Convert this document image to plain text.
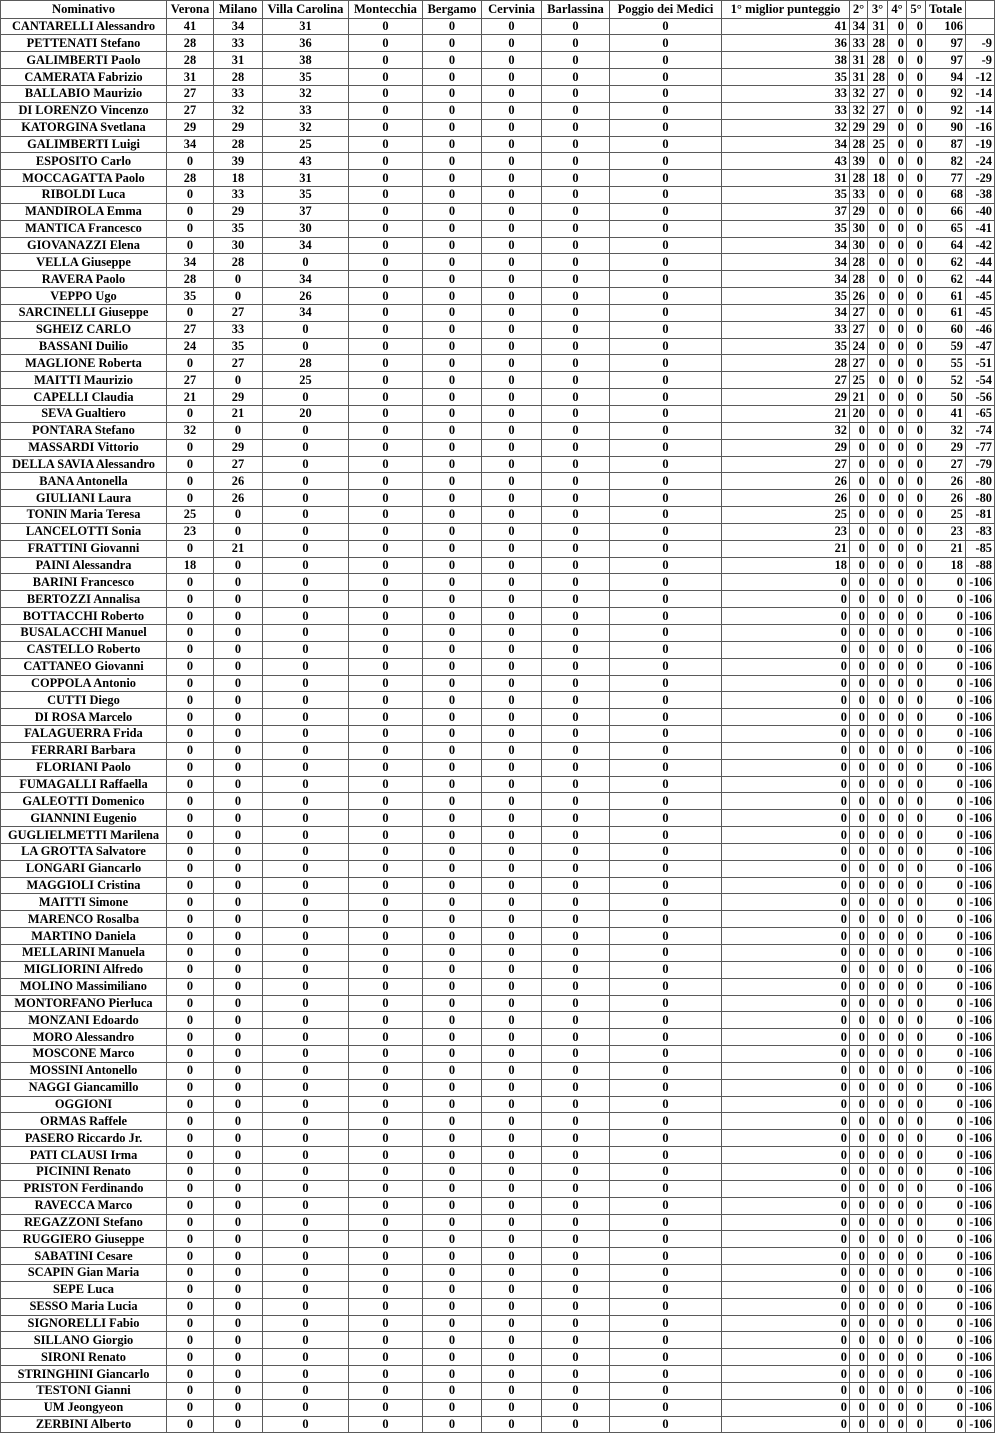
Nominativo	Verona	Milano	Villa Carolina	Montecchia	Bergamo	Cervinia	Barlassina	Poggio dei Medici	1° miglior punteggio	2°	3°	4°	5°	Totale	
CANTARELLI Alessandro	41	34	31	0	0	0	0	0	41	34	31	0	0	106	
PETTENATI Stefano	28	33	36	0	0	0	0	0	36	33	28	0	0	97	-9
GALIMBERTI Paolo	28	31	38	0	0	0	0	0	38	31	28	0	0	97	-9
CAMERATA Fabrizio	31	28	35	0	0	0	0	0	35	31	28	0	0	94	-12
BALLABIO Maurizio	27	33	32	0	0	0	0	0	33	32	27	0	0	92	-14
DI LORENZO Vincenzo	27	32	33	0	0	0	0	0	33	32	27	0	0	92	-14
KATORGINA Svetlana	29	29	32	0	0	0	0	0	32	29	29	0	0	90	-16
GALIMBERTI Luigi	34	28	25	0	0	0	0	0	34	28	25	0	0	87	-19
ESPOSITO Carlo	0	39	43	0	0	0	0	0	43	39	0	0	0	82	-24
MOCCAGATTA Paolo	28	18	31	0	0	0	0	0	31	28	18	0	0	77	-29
RIBOLDI Luca	0	33	35	0	0	0	0	0	35	33	0	0	0	68	-38
MANDIROLA Emma	0	29	37	0	0	0	0	0	37	29	0	0	0	66	-40
MANTICA Francesco	0	35	30	0	0	0	0	0	35	30	0	0	0	65	-41
GIOVANAZZI Elena	0	30	34	0	0	0	0	0	34	30	0	0	0	64	-42
VELLA Giuseppe	34	28	0	0	0	0	0	0	34	28	0	0	0	62	-44
RAVERA Paolo	28	0	34	0	0	0	0	0	34	28	0	0	0	62	-44
VEPPO Ugo	35	0	26	0	0	0	0	0	35	26	0	0	0	61	-45
SARCINELLI Giuseppe	0	27	34	0	0	0	0	0	34	27	0	0	0	61	-45
SGHEIZ CARLO	27	33	0	0	0	0	0	0	33	27	0	0	0	60	-46
BASSANI Duilio	24	35	0	0	0	0	0	0	35	24	0	0	0	59	-47
MAGLIONE Roberta	0	27	28	0	0	0	0	0	28	27	0	0	0	55	-51
MAITTI Maurizio	27	0	25	0	0	0	0	0	27	25	0	0	0	52	-54
CAPELLI Claudia	21	29	0	0	0	0	0	0	29	21	0	0	0	50	-56
SEVA Gualtiero	0	21	20	0	0	0	0	0	21	20	0	0	0	41	-65
PONTARA Stefano	32	0	0	0	0	0	0	0	32	0	0	0	0	32	-74
MASSARDI Vittorio	0	29	0	0	0	0	0	0	29	0	0	0	0	29	-77
DELLA SAVIA Alessandro	0	27	0	0	0	0	0	0	27	0	0	0	0	27	-79
BANA Antonella	0	26	0	0	0	0	0	0	26	0	0	0	0	26	-80
GIULIANI Laura	0	26	0	0	0	0	0	0	26	0	0	0	0	26	-80
TONIN Maria Teresa	25	0	0	0	0	0	0	0	25	0	0	0	0	25	-81
LANCELOTTI Sonia	23	0	0	0	0	0	0	0	23	0	0	0	0	23	-83
FRATTINI Giovanni	0	21	0	0	0	0	0	0	21	0	0	0	0	21	-85
PAINI Alessandra	18	0	0	0	0	0	0	0	18	0	0	0	0	18	-88
BARINI Francesco	0	0	0	0	0	0	0	0	0	0	0	0	0	0	-106
BERTOZZI Annalisa	0	0	0	0	0	0	0	0	0	0	0	0	0	0	-106
BOTTACCHI Roberto	0	0	0	0	0	0	0	0	0	0	0	0	0	0	-106
BUSALACCHI Manuel	0	0	0	0	0	0	0	0	0	0	0	0	0	0	-106
CASTELLO Roberto	0	0	0	0	0	0	0	0	0	0	0	0	0	0	-106
CATTANEO Giovanni	0	0	0	0	0	0	0	0	0	0	0	0	0	0	-106
COPPOLA Antonio	0	0	0	0	0	0	0	0	0	0	0	0	0	0	-106
CUTTI Diego	0	0	0	0	0	0	0	0	0	0	0	0	0	0	-106
DI ROSA Marcelo	0	0	0	0	0	0	0	0	0	0	0	0	0	0	-106
FALAGUERRA Frida	0	0	0	0	0	0	0	0	0	0	0	0	0	0	-106
FERRARI Barbara	0	0	0	0	0	0	0	0	0	0	0	0	0	0	-106
FLORIANI Paolo	0	0	0	0	0	0	0	0	0	0	0	0	0	0	-106
FUMAGALLI Raffaella	0	0	0	0	0	0	0	0	0	0	0	0	0	0	-106
GALEOTTI Domenico	0	0	0	0	0	0	0	0	0	0	0	0	0	0	-106
GIANNINI Eugenio	0	0	0	0	0	0	0	0	0	0	0	0	0	0	-106
GUGLIELMETTI Marilena	0	0	0	0	0	0	0	0	0	0	0	0	0	0	-106
LA GROTTA Salvatore	0	0	0	0	0	0	0	0	0	0	0	0	0	0	-106
LONGARI Giancarlo	0	0	0	0	0	0	0	0	0	0	0	0	0	0	-106
MAGGIOLI Cristina	0	0	0	0	0	0	0	0	0	0	0	0	0	0	-106
MAITTI Simone	0	0	0	0	0	0	0	0	0	0	0	0	0	0	-106
MARENCO Rosalba	0	0	0	0	0	0	0	0	0	0	0	0	0	0	-106
MARTINO Daniela	0	0	0	0	0	0	0	0	0	0	0	0	0	0	-106
MELLARINI Manuela	0	0	0	0	0	0	0	0	0	0	0	0	0	0	-106
MIGLIORINI Alfredo	0	0	0	0	0	0	0	0	0	0	0	0	0	0	-106
MOLINO Massimiliano	0	0	0	0	0	0	0	0	0	0	0	0	0	0	-106
MONTORFANO Pierluca	0	0	0	0	0	0	0	0	0	0	0	0	0	0	-106
MONZANI Edoardo	0	0	0	0	0	0	0	0	0	0	0	0	0	0	-106
MORO Alessandro	0	0	0	0	0	0	0	0	0	0	0	0	0	0	-106
MOSCONE Marco	0	0	0	0	0	0	0	0	0	0	0	0	0	0	-106
MOSSINI Antonello	0	0	0	0	0	0	0	0	0	0	0	0	0	0	-106
NAGGI Giancamillo	0	0	0	0	0	0	0	0	0	0	0	0	0	0	-106
OGGIONI	0	0	0	0	0	0	0	0	0	0	0	0	0	0	-106
ORMAS Raffele	0	0	0	0	0	0	0	0	0	0	0	0	0	0	-106
PASERO Riccardo Jr.	0	0	0	0	0	0	0	0	0	0	0	0	0	0	-106
PATI CLAUSI Irma	0	0	0	0	0	0	0	0	0	0	0	0	0	0	-106
PICININI Renato	0	0	0	0	0	0	0	0	0	0	0	0	0	0	-106
PRISTON Ferdinando	0	0	0	0	0	0	0	0	0	0	0	0	0	0	-106
RAVECCA Marco	0	0	0	0	0	0	0	0	0	0	0	0	0	0	-106
REGAZZONI Stefano	0	0	0	0	0	0	0	0	0	0	0	0	0	0	-106
RUGGIERO Giuseppe	0	0	0	0	0	0	0	0	0	0	0	0	0	0	-106
SABATINI Cesare	0	0	0	0	0	0	0	0	0	0	0	0	0	0	-106
SCAPIN Gian Maria	0	0	0	0	0	0	0	0	0	0	0	0	0	0	-106
SEPE Luca	0	0	0	0	0	0	0	0	0	0	0	0	0	0	-106
SESSO Maria Lucia	0	0	0	0	0	0	0	0	0	0	0	0	0	0	-106
SIGNORELLI Fabio	0	0	0	0	0	0	0	0	0	0	0	0	0	0	-106
SILLANO Giorgio	0	0	0	0	0	0	0	0	0	0	0	0	0	0	-106
SIRONI Renato	0	0	0	0	0	0	0	0	0	0	0	0	0	0	-106
STRINGHINI Giancarlo	0	0	0	0	0	0	0	0	0	0	0	0	0	0	-106
TESTONI Gianni	0	0	0	0	0	0	0	0	0	0	0	0	0	0	-106
UM Jeongyeon	0	0	0	0	0	0	0	0	0	0	0	0	0	0	-106
ZERBINI Alberto	0	0	0	0	0	0	0	0	0	0	0	0	0	0	-106
